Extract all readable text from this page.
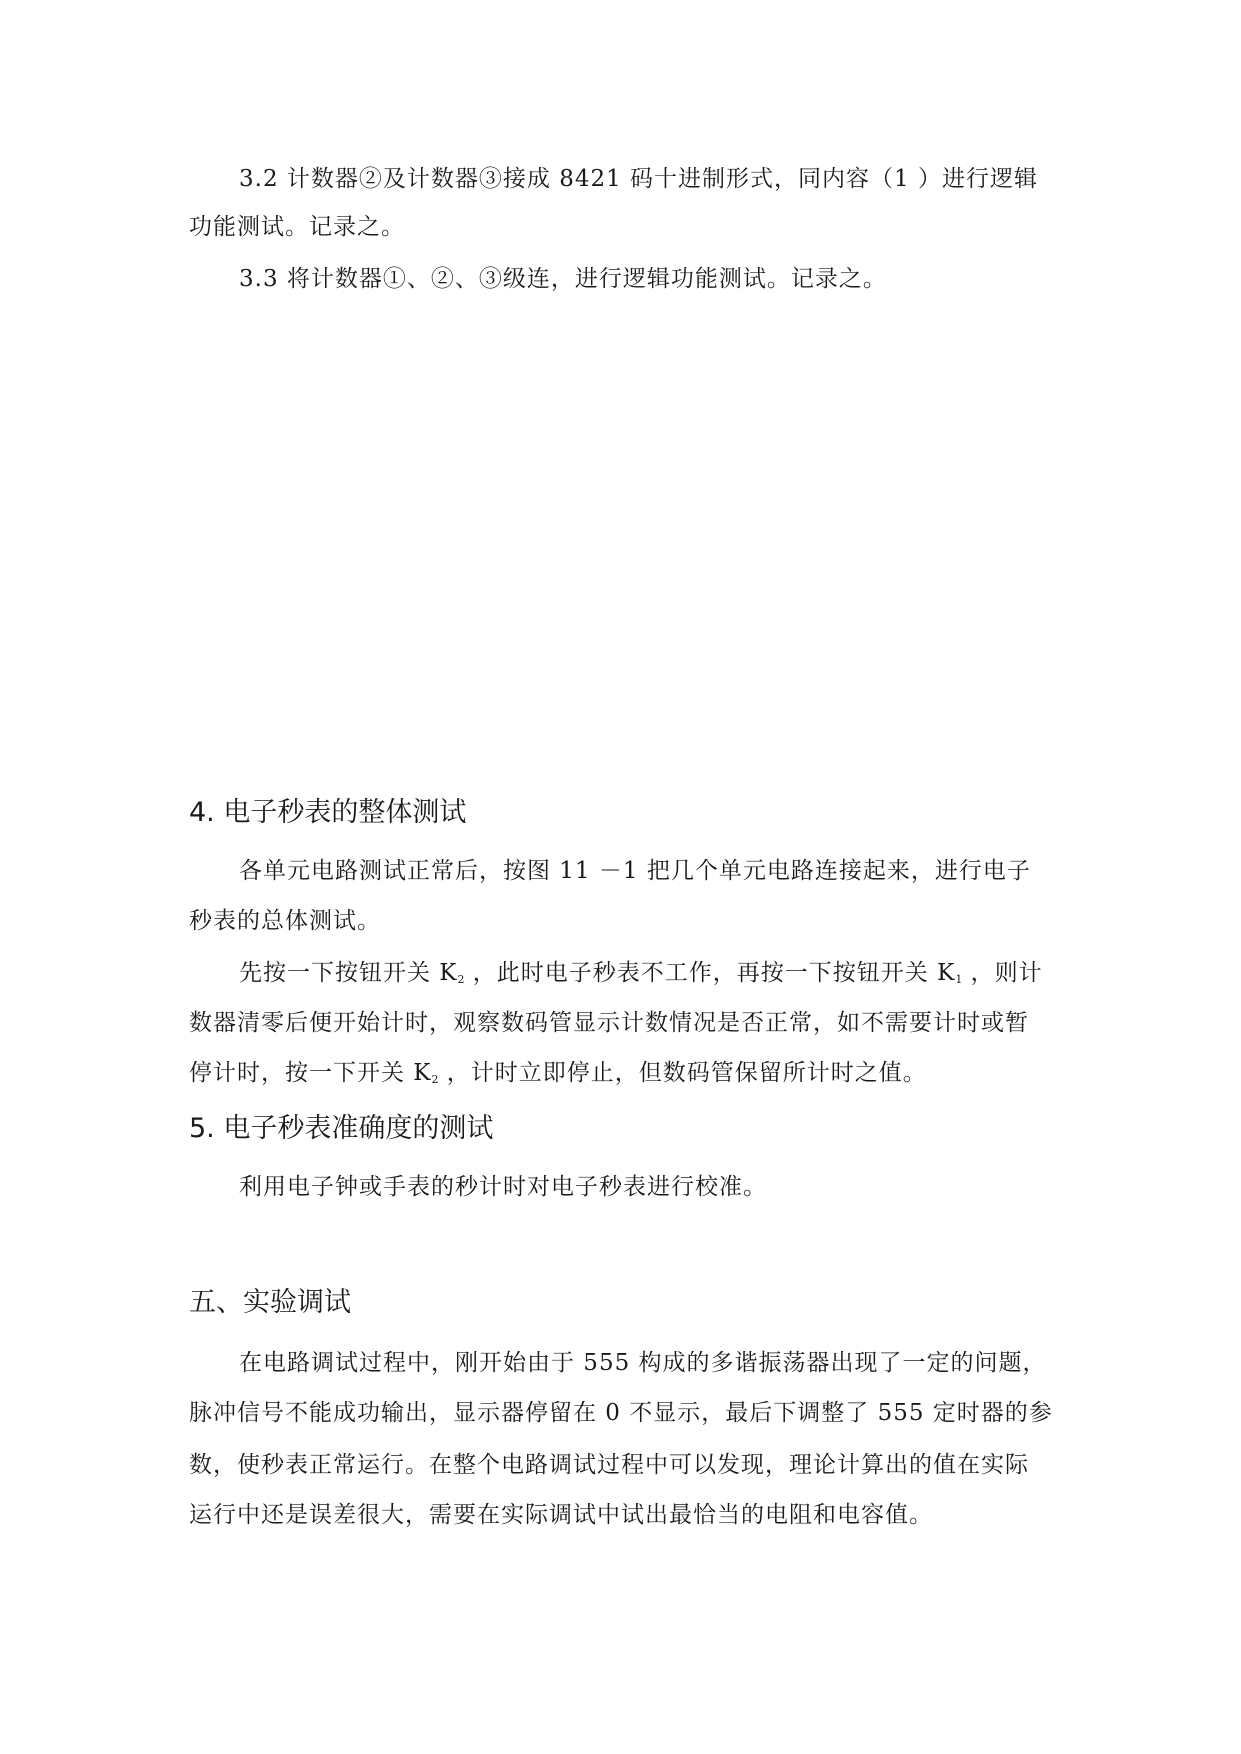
3.2 计数器②及计数器③接成 8421 码十进制形式，同内容（1 ）进行逻辑
功能测试。记录之。
3.3 将计数器①、②、③级连，进行逻辑功能测试。记录之。
4. 电子秒表的整体测试
各单元电路测试正常后，按图 11 －1 把几个单元电路连接起来，进行电子
秒表的总体测试。
先按一下按钮开关 $K_2$ ，此时电子秒表不工作，再按一下按钮开关 $K_1$ ，则计
数器清零后便开始计时，观察数码管显示计数情况是否正常，如不需要计时或暂
停计时，按一下开关 $K_2$ ，计时立即停止，但数码管保留所计时之值。
5. 电子秒表准确度的测试
利用电子钟或手表的秒计时对电子秒表进行校准。
五、实验调试
在电路调试过程中，刚开始由于 555 构成的多谐振荡器出现了一定的问题，
脉冲信号不能成功输出，显示器停留在 0 不显示，最后下调整了 555 定时器的参
数，使秒表正常运行。在整个电路调试过程中可以发现，理论计算出的值在实际
运行中还是误差很大，需要在实际调试中试出最恰当的电阻和电容值。
